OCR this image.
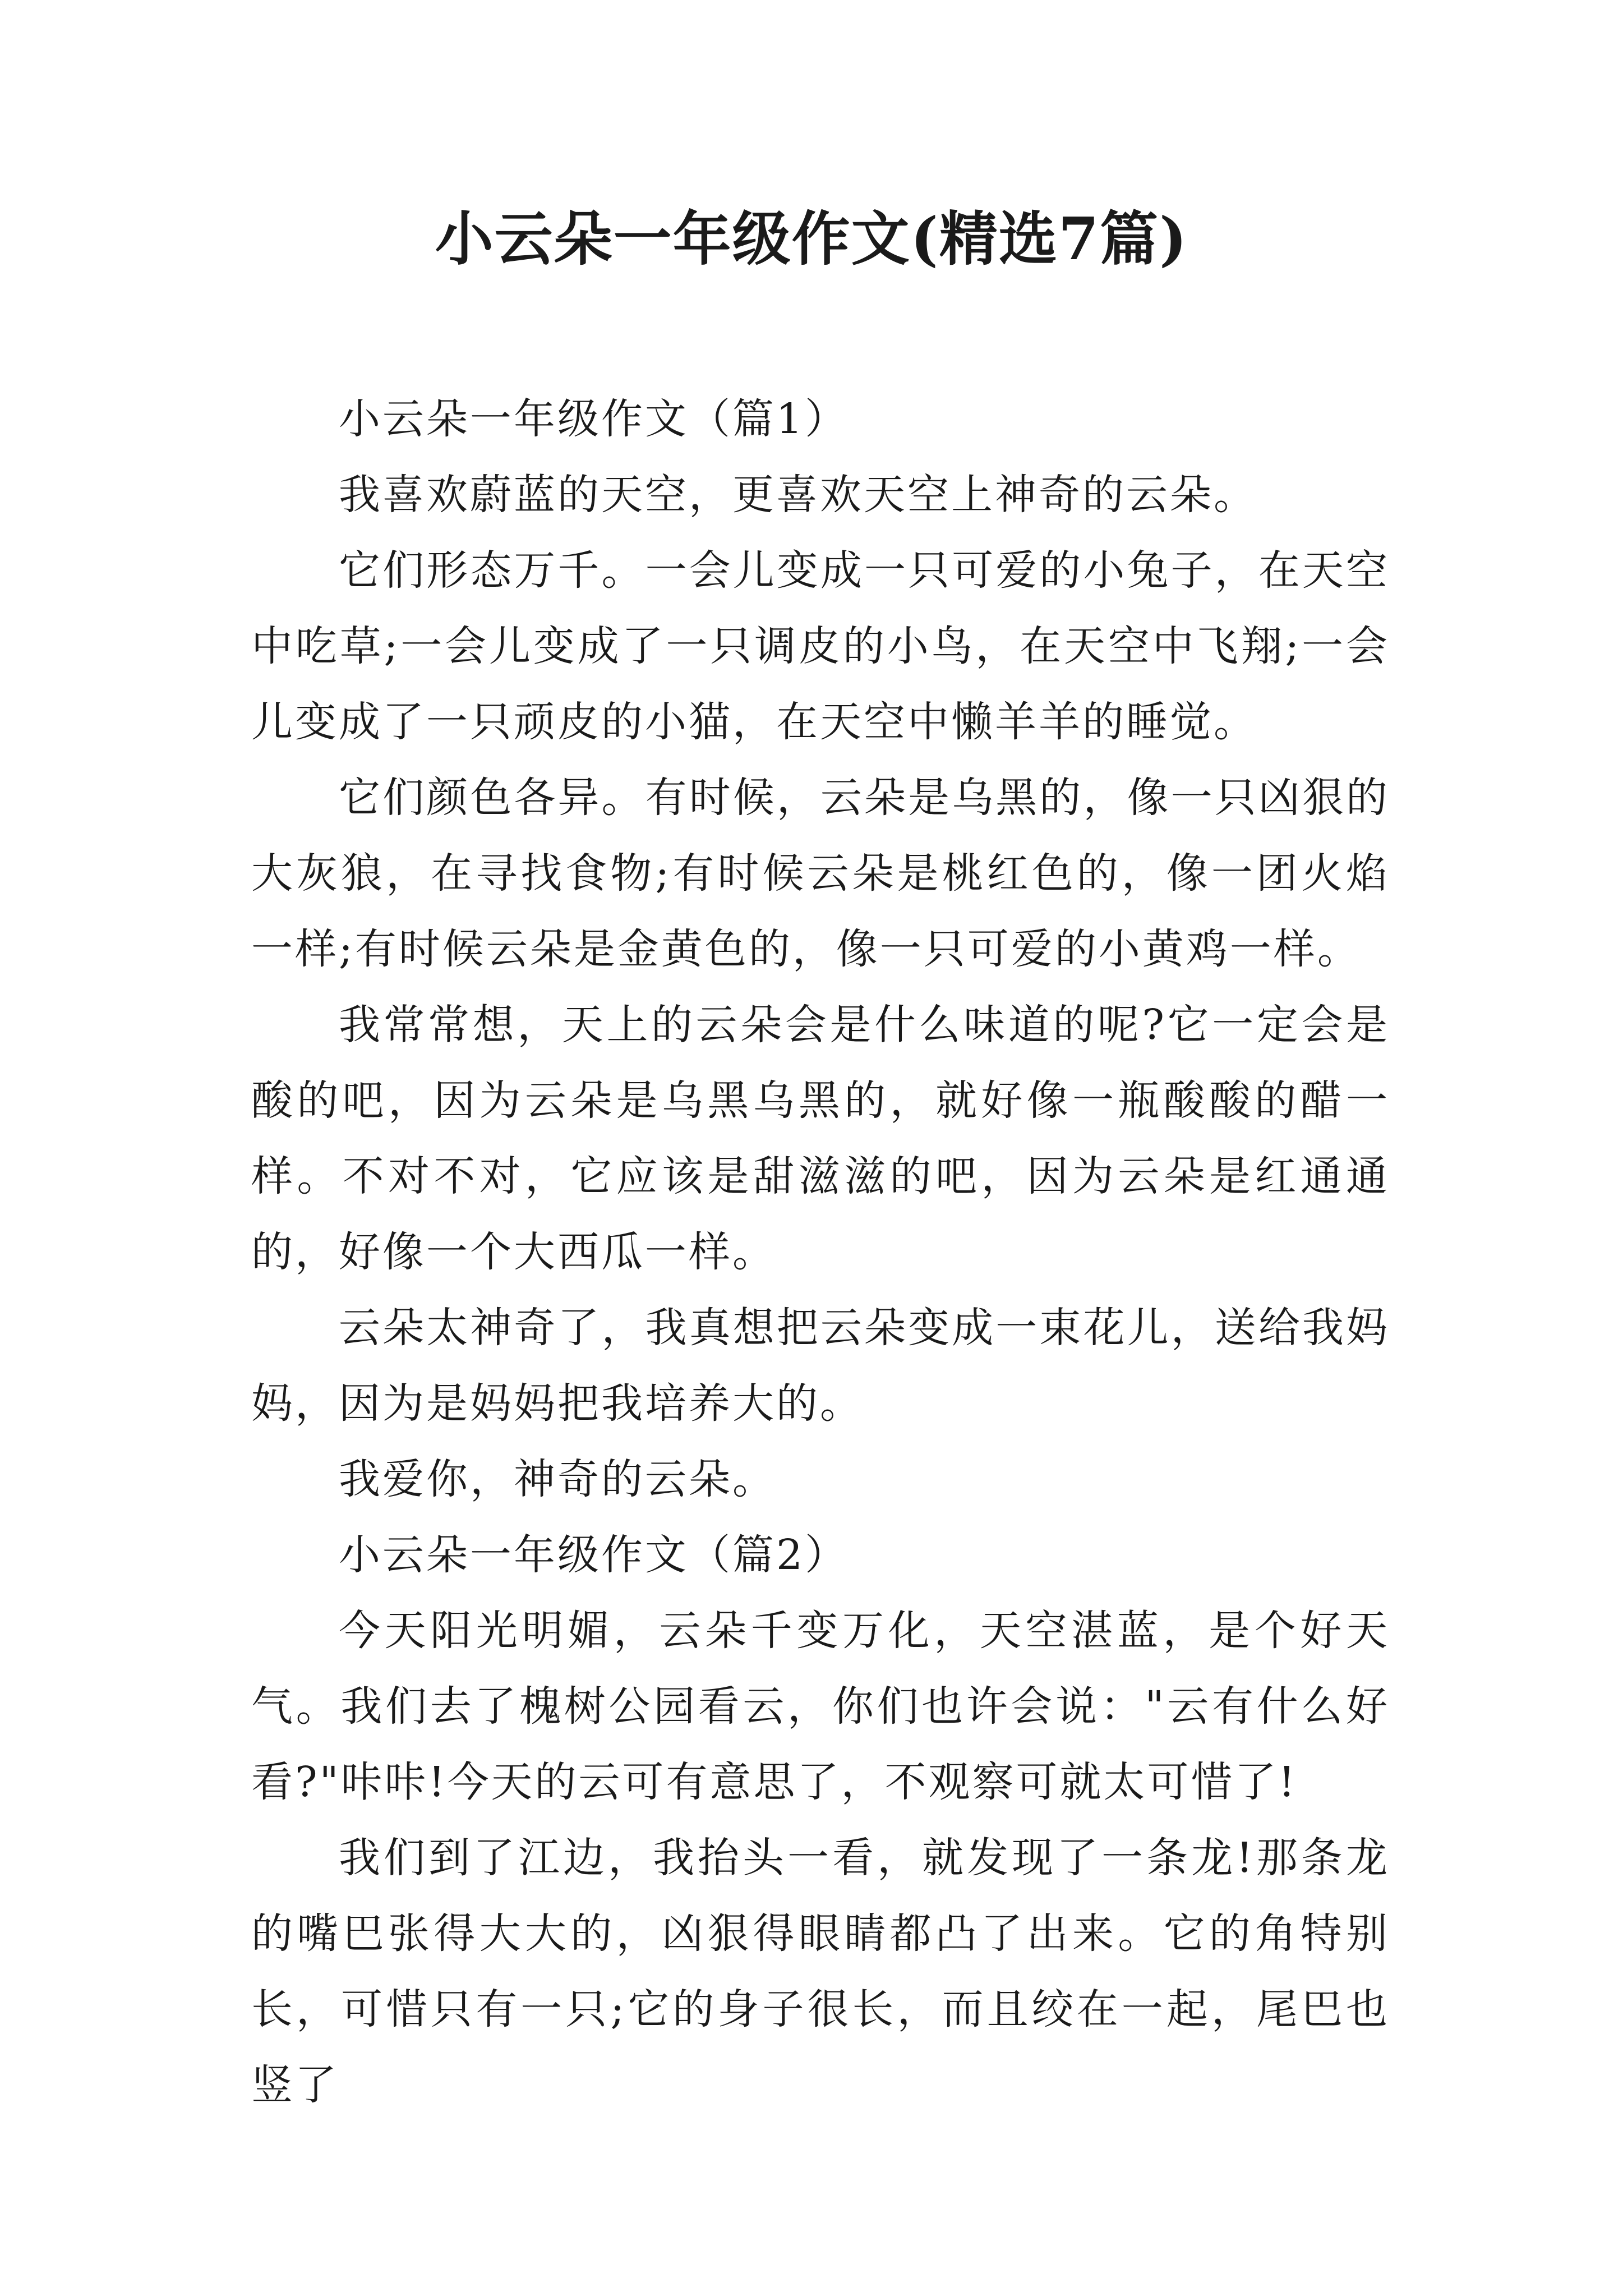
小云朵一年级作文(精选7篇)

小云朵一年级作文（篇1）

我喜欢蔚蓝的天空，更喜欢天空上神奇的云朵。

它们形态万千。一会儿变成一只可爱的小兔子，在天空中吃草;一会儿变成了一只调皮的小鸟，在天空中飞翔;一会儿变成了一只顽皮的小猫，在天空中懒羊羊的睡觉。

它们颜色各异。有时候，云朵是乌黑的，像一只凶狠的大灰狼，在寻找食物;有时候云朵是桃红色的，像一团火焰一样;有时候云朵是金黄色的，像一只可爱的小黄鸡一样。

我常常想，天上的云朵会是什么味道的呢?它一定会是酸的吧，因为云朵是乌黑乌黑的，就好像一瓶酸酸的醋一样。不对不对，它应该是甜滋滋的吧，因为云朵是红通通的，好像一个大西瓜一样。

云朵太神奇了，我真想把云朵变成一束花儿，送给我妈妈，因为是妈妈把我培养大的。

我爱你，神奇的云朵。

小云朵一年级作文（篇2）

今天阳光明媚，云朵千变万化，天空湛蓝，是个好天气。我们去了槐树公园看云，你们也许会说："云有什么好看?"咔咔!今天的云可有意思了，不观察可就太可惜了!

我们到了江边，我抬头一看，就发现了一条龙!那条龙的嘴巴张得大大的，凶狠得眼睛都凸了出来。它的角特别长，可惜只有一只;它的身子很长，而且绞在一起，尾巴也竖了
